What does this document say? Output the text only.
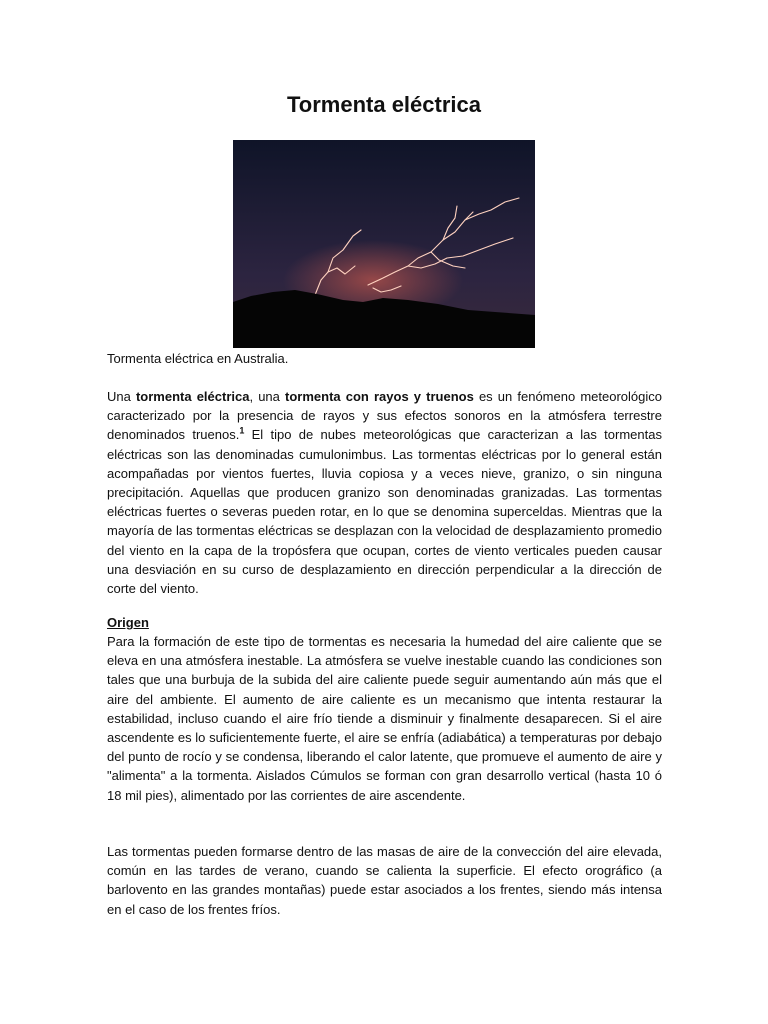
Tormenta eléctrica

Tormenta eléctrica en Australia.

Una tormenta eléctrica, una tormenta con rayos y truenos es un fenómeno meteorológico caracterizado por la presencia de rayos y sus efectos sonoros en la atmósfera terrestre denominados truenos.$^1$ El tipo de nubes meteorológicas que caracterizan a las tormentas eléctricas son las denominadas cumulonimbus. Las tormentas eléctricas por lo general están acompañadas por vientos fuertes, lluvia copiosa y a veces nieve, granizo, o sin ninguna precipitación. Aquellas que producen granizo son denominadas granizadas. Las tormentas eléctricas fuertes o severas pueden rotar, en lo que se denomina superceldas. Mientras que la mayoría de las tormentas eléctricas se desplazan con la velocidad de desplazamiento promedio del viento en la capa de la tropósfera que ocupan, cortes de viento verticales pueden causar una desviación en su curso de desplazamiento en dirección perpendicular a la dirección de corte del viento.

Origen

Para la formación de este tipo de tormentas es necesaria la humedad del aire caliente que se eleva en una atmósfera inestable. La atmósfera se vuelve inestable cuando las condiciones son tales que una burbuja de la subida del aire caliente puede seguir aumentando aún más que el aire del ambiente. El aumento de aire caliente es un mecanismo que intenta restaurar la estabilidad, incluso cuando el aire frío tiende a disminuir y finalmente desaparecen. Si el aire ascendente es lo suficientemente fuerte, el aire se enfría (adiabática) a temperaturas por debajo del punto de rocío y se condensa, liberando el calor latente, que promueve el aumento de aire y "alimenta" a la tormenta. Aislados Cúmulos se forman con gran desarrollo vertical (hasta 10 ó 18 mil pies), alimentado por las corrientes de aire ascendente.

Las tormentas pueden formarse dentro de las masas de aire de la convección del aire elevada, común en las tardes de verano, cuando se calienta la superficie. El efecto orográfico (a barlovento en las grandes montañas) puede estar asociados a los frentes, siendo más intensa en el caso de los frentes fríos.
